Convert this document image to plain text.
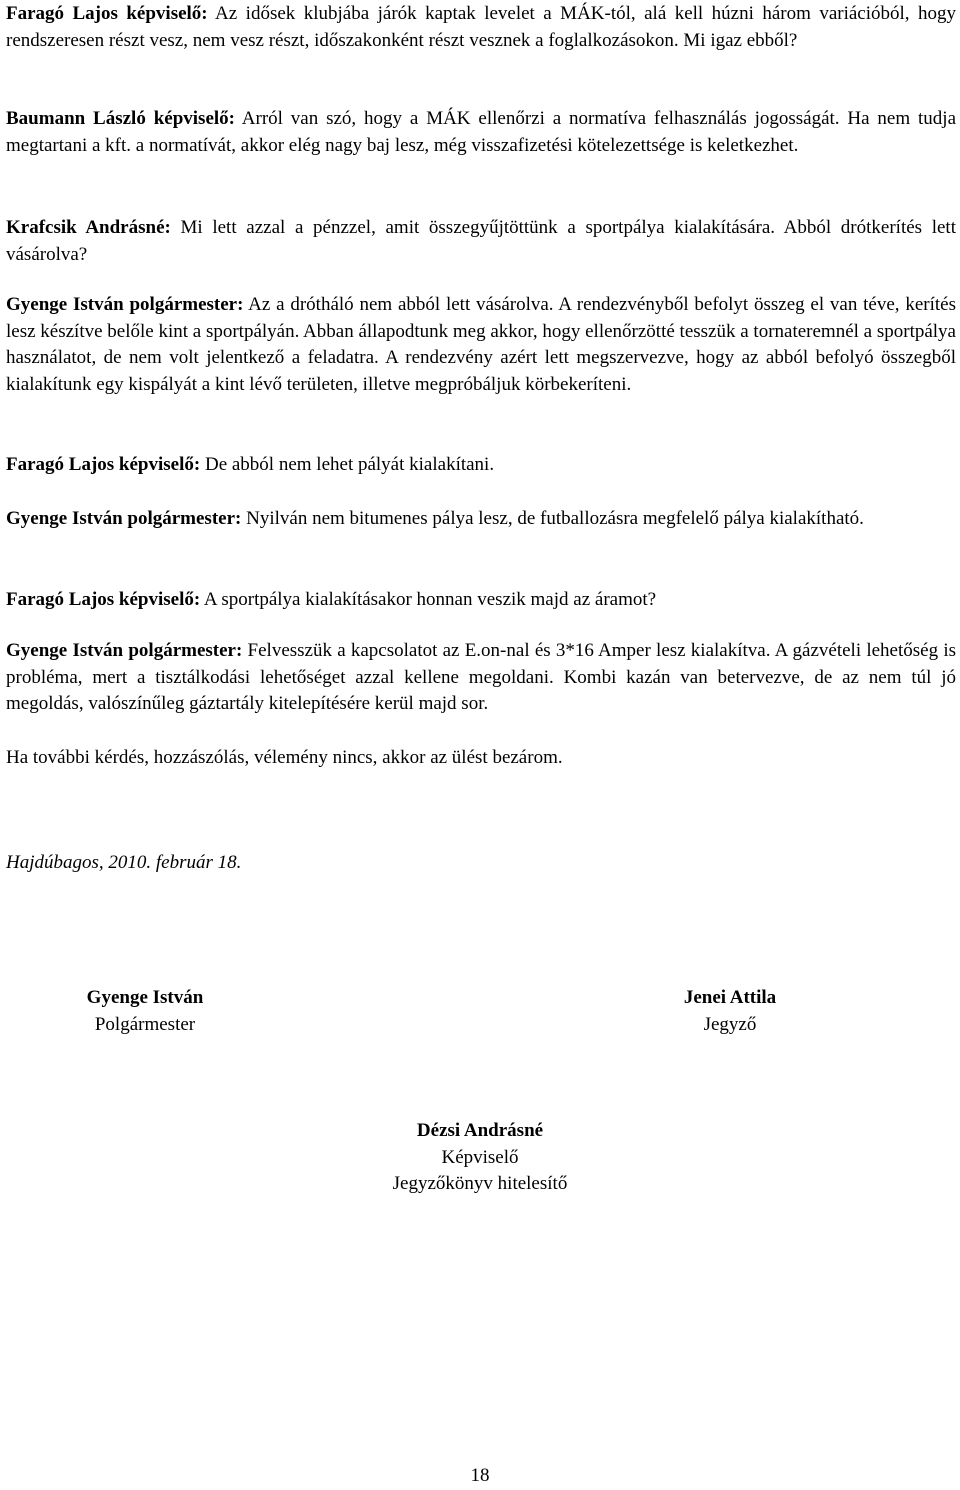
Faragó Lajos képviselő: Az idősek klubjába járók kaptak levelet a MÁK-tól, alá kell húzni három variációból, hogy rendszeresen részt vesz, nem vesz részt, időszakonként részt vesznek a foglalkozásokon. Mi igaz ebből?

Baumann László képviselő: Arról van szó, hogy a MÁK ellenőrzi a normatíva felhasználás jogosságát. Ha nem tudja megtartani a kft. a normatívát, akkor elég nagy baj lesz, még visszafizetési kötelezettsége is keletkezhet.

Krafcsik Andrásné: Mi lett azzal a pénzzel, amit összegyűjtöttünk a sportpálya kialakítására. Abból drótkerítés lett vásárolva?

Gyenge István polgármester: Az a drótháló nem abból lett vásárolva. A rendezvényből befolyt összeg el van téve, kerítés lesz készítve belőle kint a sportpályán. Abban állapodtunk meg akkor, hogy ellenőrzötté tesszük a tornateremnél a sportpálya használatot, de nem volt jelentkező a feladatra. A rendezvény azért lett megszervezve, hogy az abból befolyó összegből kialakítunk egy kispályát a kint lévő területen, illetve megpróbáljuk körbekeríteni.

Faragó Lajos képviselő: De abból nem lehet pályát kialakítani.

Gyenge István polgármester: Nyilván nem bitumenes pálya lesz, de futballozásra megfelelő pálya kialakítható.

Faragó Lajos képviselő: A sportpálya kialakításakor honnan veszik majd az áramot?

Gyenge István polgármester: Felvesszük a kapcsolatot az E.on-nal és 3*16 Amper lesz kialakítva. A gázvételi lehetőség is probléma, mert a tisztálkodási lehetőséget azzal kellene megoldani. Kombi kazán van betervezve, de az nem túl jó megoldás, valószínűleg gáztartály kitelepítésére kerül majd sor.

Ha további kérdés, hozzászólás, vélemény nincs, akkor az ülést bezárom.

Hajdúbagos, 2010. február 18.
Gyenge István
Polgármester
Jenei Attila
Jegyző
Dézsi Andrásné
Képviselő
Jegyzőkönyv hitelesítő
18
